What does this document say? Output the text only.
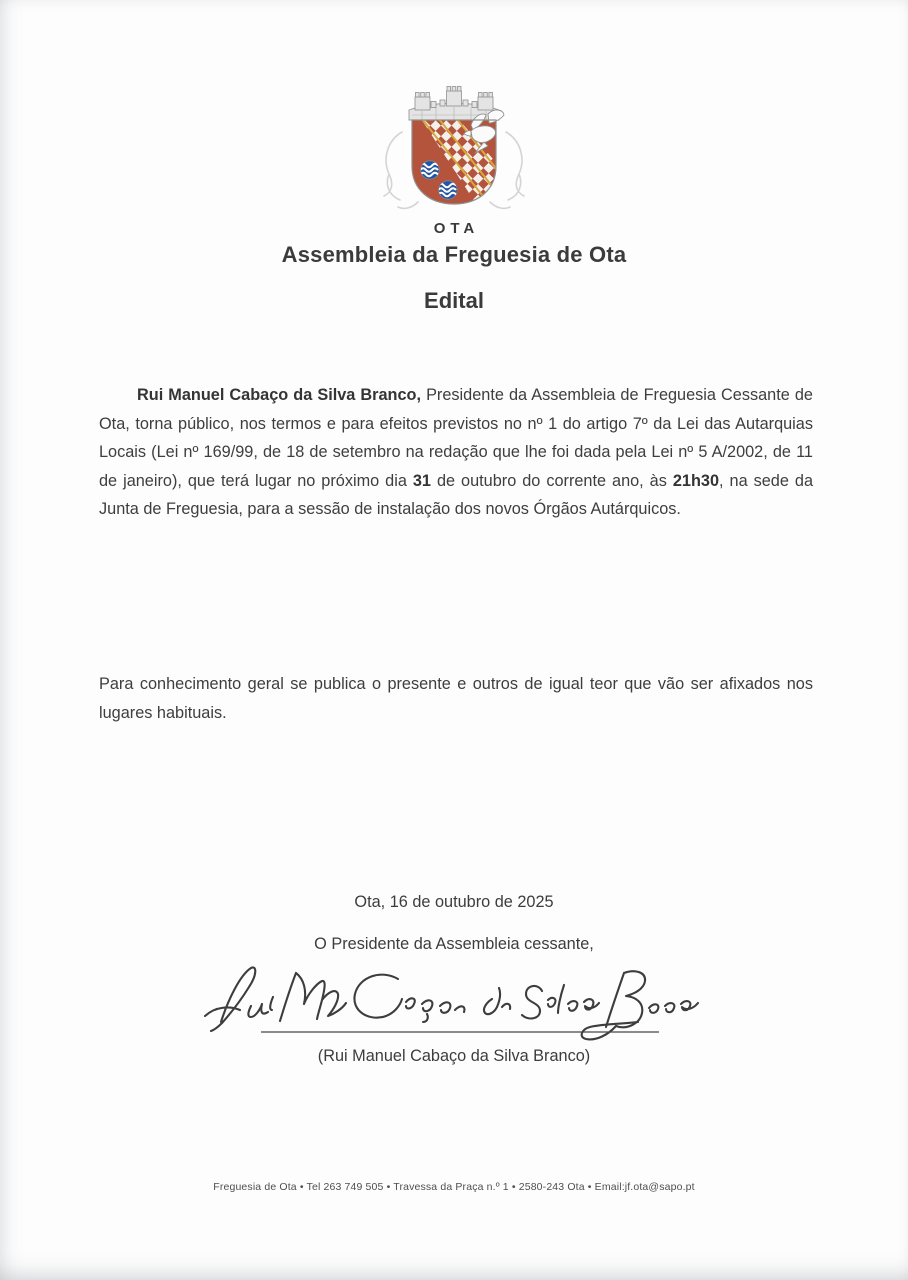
OTA
Assembleia da Freguesia de Ota
Edital

Rui Manuel Cabaço da Silva Branco, Presidente da Assembleia de Freguesia Cessante de Ota, torna público, nos termos e para efeitos previstos no nº 1 do artigo 7º da Lei das Autarquias Locais (Lei nº 169/99, de 18 de setembro na redação que lhe foi dada pela Lei nº 5 A/2002, de 11 de janeiro), que terá lugar no próximo dia 31 de outubro do corrente ano, às 21h30, na sede da Junta de Freguesia, para a sessão de instalação dos novos Órgãos Autárquicos.

Para conhecimento geral se publica o presente e outros de igual teor que vão ser afixados nos lugares habituais.

Ota, 16 de outubro de 2025
O Presidente da Assembleia cessante,
(Rui Manuel Cabaço da Silva Branco)
Freguesia de Ota • Tel 263 749 505 • Travessa da Praça n.º 1 • 2580-243 Ota • Email:jf.ota@sapo.pt
